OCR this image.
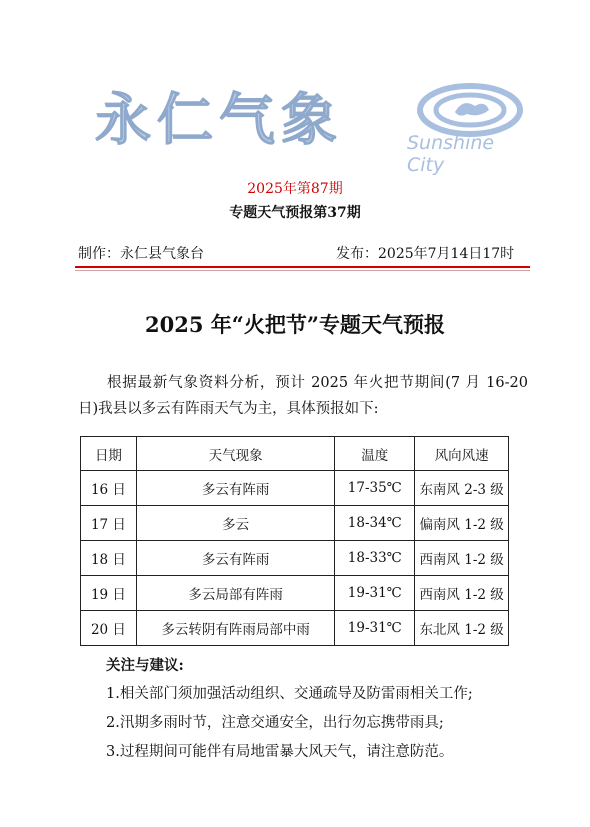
永仁气象	Sunshine City
2025年第87期
专题天气预报第37期
制作：永仁县气象台	发布：2025年7月14日17时
2025 年“火把节”专题天气预报
根据最新气象资料分析，预计 2025 年火把节期间(7 月 16-20 日)我县以多云有阵雨天气为主，具体预报如下:
日期	天气现象	温度	风向风速
16 日	多云有阵雨	17-35℃	东南风 2-3 级
17 日	多云	18-34℃	偏南风 1-2 级
18 日	多云有阵雨	18-33℃	西南风 1-2 级
19 日	多云局部有阵雨	19-31℃	西南风 1-2 级
20 日	多云转阴有阵雨局部中雨	19-31℃	东北风 1-2 级
关注与建议:
1.相关部门须加强活动组织、交通疏导及防雷雨相关工作;
2.汛期多雨时节，注意交通安全，出行勿忘携带雨具;
3.过程期间可能伴有局地雷暴大风天气，请注意防范。
